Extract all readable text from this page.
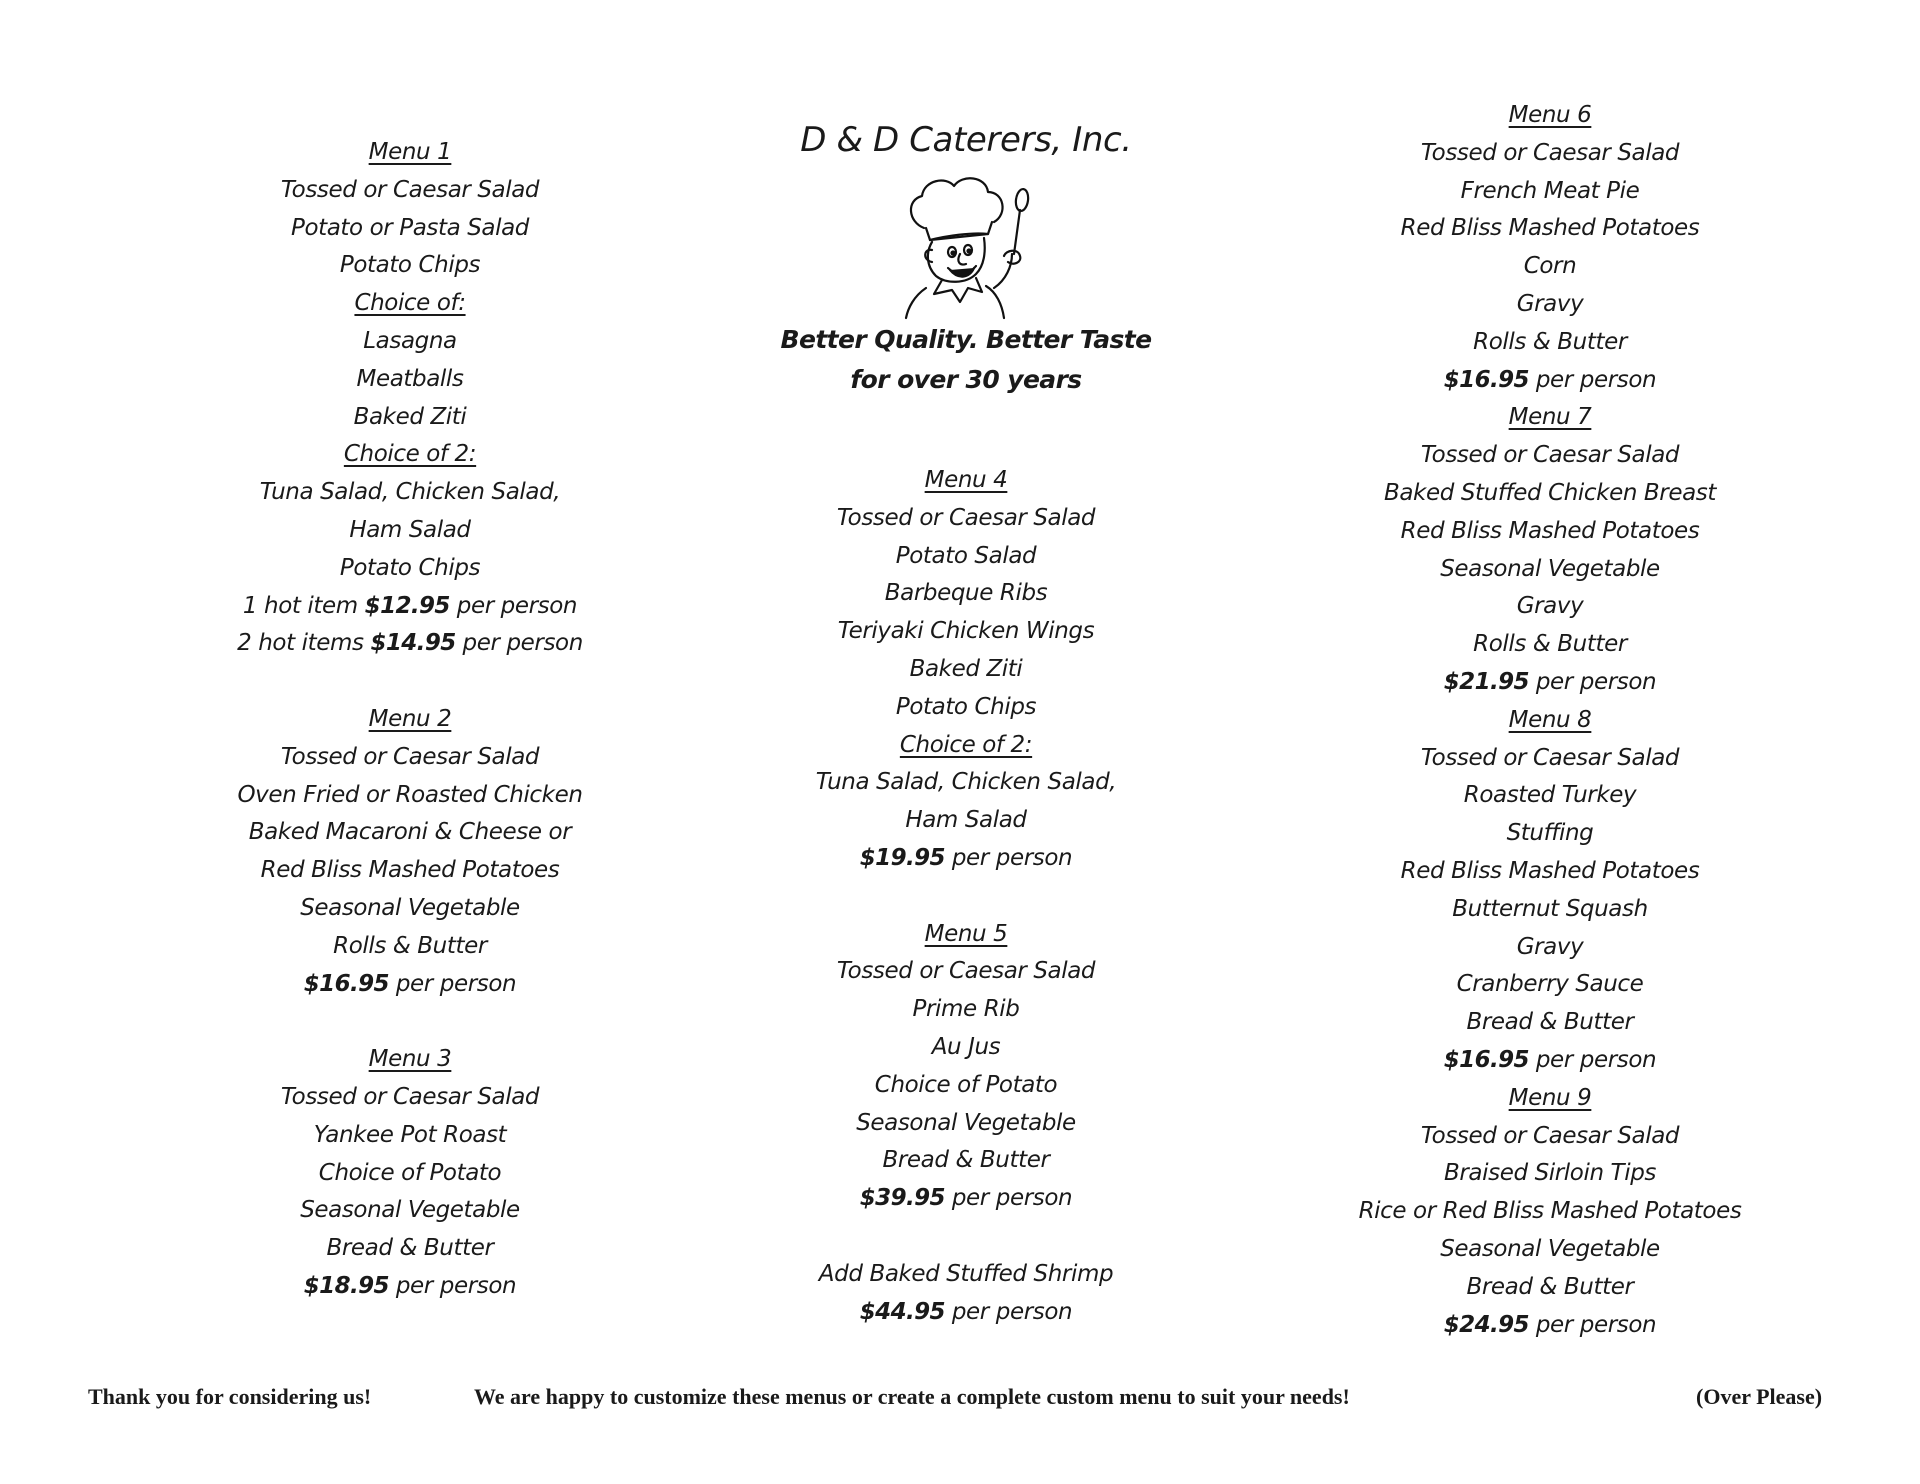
D & D Caterers, Inc.
Better Quality. Better Taste
for over 30 years
Menu 1
Tossed or Caesar Salad
Potato or Pasta Salad
Potato Chips
Choice of:
Lasagna
Meatballs
Baked Ziti
Choice of 2:
Tuna Salad, Chicken Salad,
Ham Salad
Potato Chips
1 hot item $12.95 per person
2 hot items $14.95 per person
Menu 2
Tossed or Caesar Salad
Oven Fried or Roasted Chicken
Baked Macaroni & Cheese or
Red Bliss Mashed Potatoes
Seasonal Vegetable
Rolls & Butter
$16.95 per person
Menu 3
Tossed or Caesar Salad
Yankee Pot Roast
Choice of Potato
Seasonal Vegetable
Bread & Butter
$18.95 per person
Menu 4
Tossed or Caesar Salad
Potato Salad
Barbeque Ribs
Teriyaki Chicken Wings
Baked Ziti
Potato Chips
Choice of 2:
Tuna Salad, Chicken Salad,
Ham Salad
$19.95 per person
Menu 5
Tossed or Caesar Salad
Prime Rib
Au Jus
Choice of Potato
Seasonal Vegetable
Bread & Butter
$39.95 per person
Add Baked Stuffed Shrimp
$44.95 per person
Menu 6
Tossed or Caesar Salad
French Meat Pie
Red Bliss Mashed Potatoes
Corn
Gravy
Rolls & Butter
$16.95 per person
Menu 7
Tossed or Caesar Salad
Baked Stuffed Chicken Breast
Red Bliss Mashed Potatoes
Seasonal Vegetable
Gravy
Rolls & Butter
$21.95 per person
Menu 8
Tossed or Caesar Salad
Roasted Turkey
Stuffing
Red Bliss Mashed Potatoes
Butternut Squash
Gravy
Cranberry Sauce
Bread & Butter
$16.95 per person
Menu 9
Tossed or Caesar Salad
Braised Sirloin Tips
Rice or Red Bliss Mashed Potatoes
Seasonal Vegetable
Bread & Butter
$24.95 per person
Thank you for considering us!	We are happy to customize these menus or create a complete custom menu to suit your needs!	(Over Please)
